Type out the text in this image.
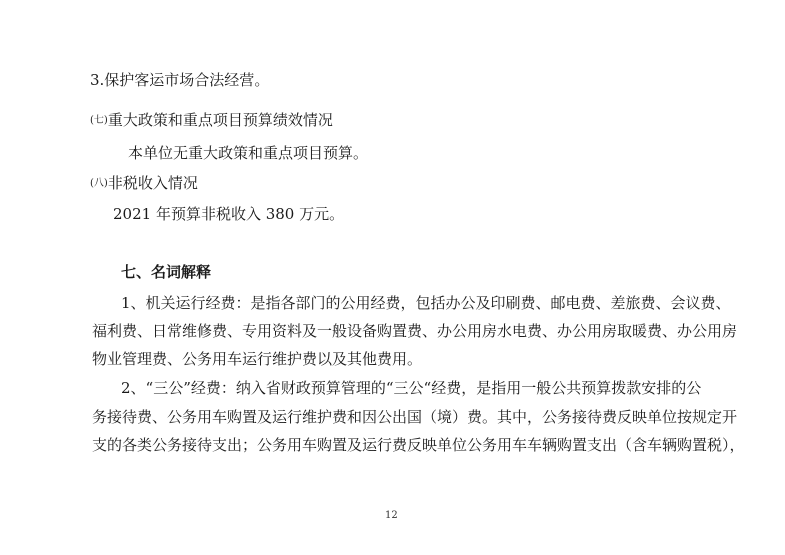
3.保护客运市场合法经营。
(七)重大政策和重点项目预算绩效情况
本单位无重大政策和重点项目预算。
(八)非税收入情况
2021 年预算非税收入 380 万元。
七、名词解释
1、机关运行经费：是指各部门的公用经费，包括办公及印刷费、邮电费、差旅费、会议费、
福利费、日常维修费、专用资料及一般设备购置费、办公用房水电费、办公用房取暖费、办公用房
物业管理费、公务用车运行维护费以及其他费用。
2、“三公”经费：纳入省财政预算管理的“三公“经费，是指用一般公共预算拨款安排的公
务接待费、公务用车购置及运行维护费和因公出国（境）费。其中，公务接待费反映单位按规定开
支的各类公务接待支出；公务用车购置及运行费反映单位公务用车车辆购置支出（含车辆购置税），
12
